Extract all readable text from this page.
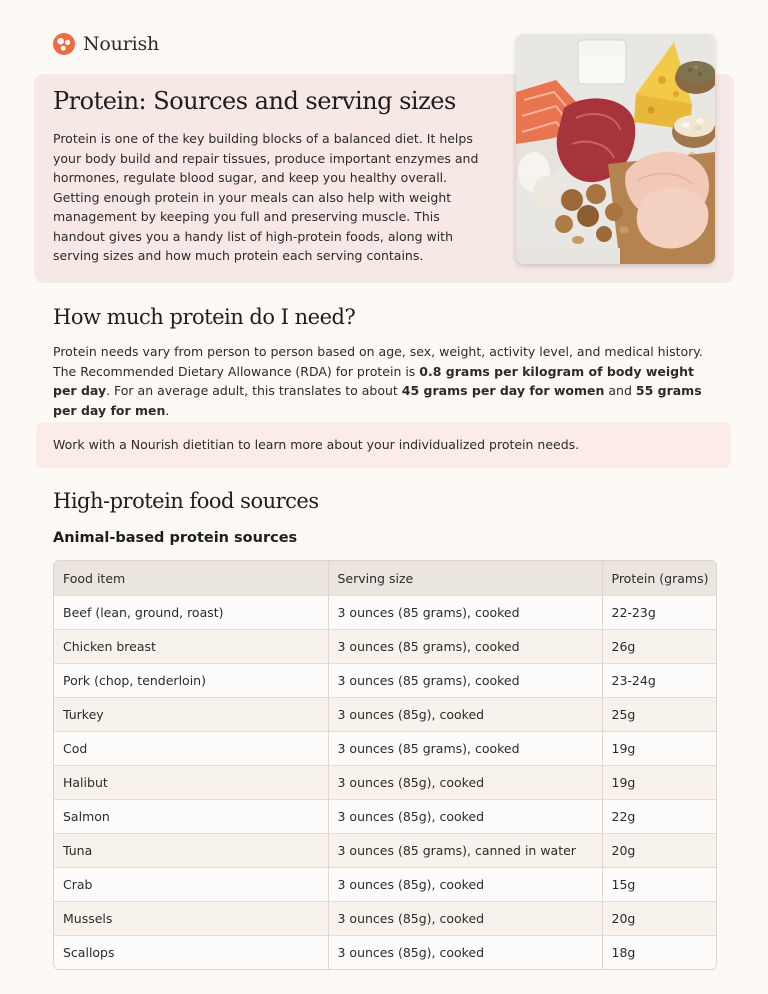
Nourish
Protein: Sources and serving sizes

Protein is one of the key building blocks of a balanced diet. It helps your body build and repair tissues, produce important enzymes and hormones, regulate blood sugar, and keep you healthy overall. Getting enough protein in your meals can also help with weight management by keeping you full and preserving muscle. This handout gives you a handy list of high-protein foods, along with serving sizes and how much protein each serving contains.

How much protein do I need?

Protein needs vary from person to person based on age, sex, weight, activity level, and medical history. The Recommended Dietary Allowance (RDA) for protein is 0.8 grams per kilogram of body weight per day. For an average adult, this translates to about 45 grams per day for women and 55 grams per day for men.

Work with a Nourish dietitian to learn more about your individualized protein needs.

High-protein food sources
Animal-based protein sources
Food item	Serving size	Protein (grams)
Beef (lean, ground, roast)	3 ounces (85 grams), cooked	22-23g
Chicken breast	3 ounces (85 grams), cooked	26g
Pork (chop, tenderloin)	3 ounces (85 grams), cooked	23-24g
Turkey	3 ounces (85g), cooked	25g
Cod	3 ounces (85 grams), cooked	19g
Halibut	3 ounces (85g), cooked	19g
Salmon	3 ounces (85g), cooked	22g
Tuna	3 ounces (85 grams), canned in water	20g
Crab	3 ounces (85g), cooked	15g
Mussels	3 ounces (85g), cooked	20g
Scallops	3 ounces (85g), cooked	18g
